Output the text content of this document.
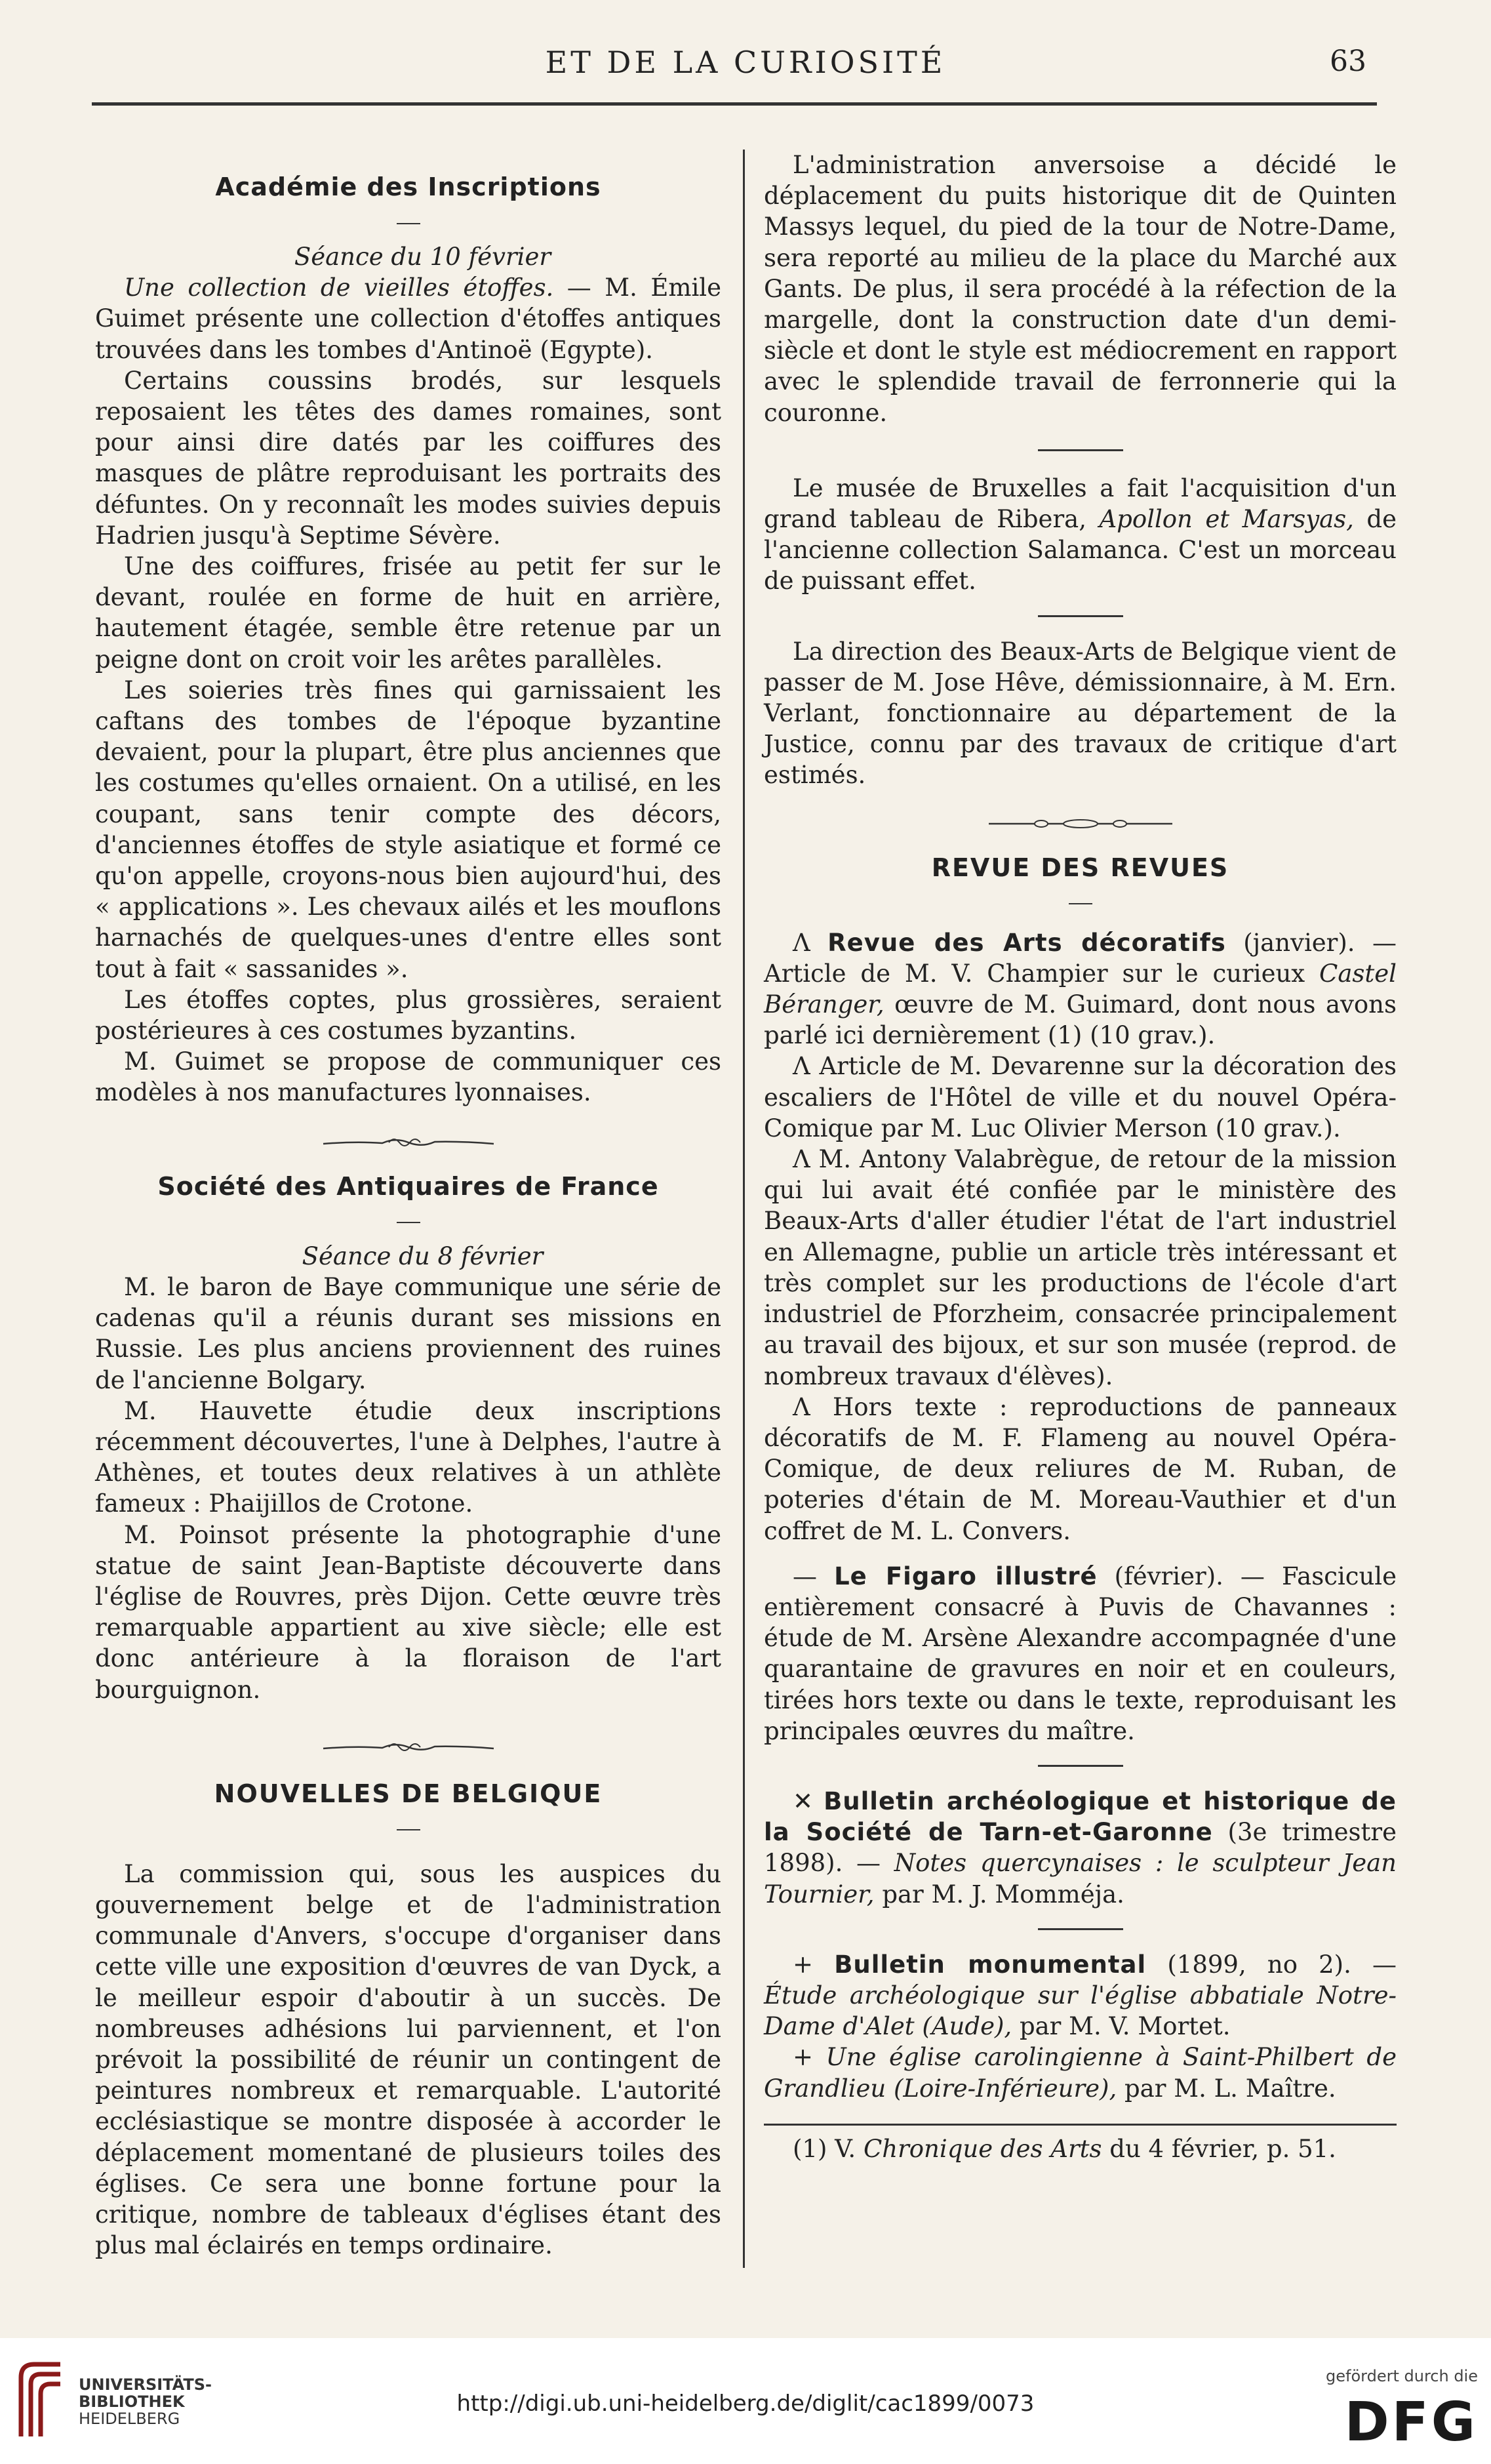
ET DE LA CURIOSITÉ	63
Académie des Inscriptions

Séance du 10 février

Une collection de vieilles étoffes. — M. Émile Guimet présente une collection d'étoffes antiques trouvées dans les tombes d'Antinoë (Egypte).

Certains coussins brodés, sur lesquels reposaient les têtes des dames romaines, sont pour ainsi dire datés par les coiffures des masques de plâtre reproduisant les portraits des défuntes. On y reconnaît les modes suivies depuis Hadrien jusqu'à Septime Sévère.

Une des coiffures, frisée au petit fer sur le devant, roulée en forme de huit en arrière, hautement étagée, semble être retenue par un peigne dont on croit voir les arêtes parallèles.

Les soieries très fines qui garnissaient les caftans des tombes de l'époque byzantine devaient, pour la plupart, être plus anciennes que les costumes qu'elles ornaient. On a utilisé, en les coupant, sans tenir compte des décors, d'anciennes étoffes de style asiatique et formé ce qu'on appelle, croyons-nous bien aujourd'hui, des « applications ». Les chevaux ailés et les mouflons harnachés de quelques-unes d'entre elles sont tout à fait « sassanides ».

Les étoffes coptes, plus grossières, seraient postérieures à ces costumes byzantins.

M. Guimet se propose de communiquer ces modèles à nos manufactures lyonnaises.

Société des Antiquaires de France

Séance du 8 février

M. le baron de Baye communique une série de cadenas qu'il a réunis durant ses missions en Russie. Les plus anciens proviennent des ruines de l'ancienne Bolgary.

M. Hauvette étudie deux inscriptions récemment découvertes, l'une à Delphes, l'autre à Athènes, et toutes deux relatives à un athlète fameux : Phaijillos de Crotone.

M. Poinsot présente la photographie d'une statue de saint Jean-Baptiste découverte dans l'église de Rouvres, près Dijon. Cette œuvre très remarquable appartient au xive siècle; elle est donc antérieure à la floraison de l'art bourguignon.

NOUVELLES DE BELGIQUE

La commission qui, sous les auspices du gouvernement belge et de l'administration communale d'Anvers, s'occupe d'organiser dans cette ville une exposition d'œuvres de van Dyck, a le meilleur espoir d'aboutir à un succès. De nombreuses adhésions lui parviennent, et l'on prévoit la possibilité de réunir un contingent de peintures nombreux et remarquable. L'autorité ecclésiastique se montre disposée à accorder le déplacement momentané de plusieurs toiles des églises. Ce sera une bonne fortune pour la critique, nombre de tableaux d'églises étant des plus mal éclairés en temps ordinaire.

L'administration anversoise a décidé le déplacement du puits historique dit de Quinten Massys lequel, du pied de la tour de Notre-Dame, sera reporté au milieu de la place du Marché aux Gants. De plus, il sera procédé à la réfection de la margelle, dont la construction date d'un demi-siècle et dont le style est médiocrement en rapport avec le splendide travail de ferronnerie qui la couronne.

Le musée de Bruxelles a fait l'acquisition d'un grand tableau de Ribera, Apollon et Marsyas, de l'ancienne collection Salamanca. C'est un morceau de puissant effet.

La direction des Beaux-Arts de Belgique vient de passer de M. Jose Hêve, démissionnaire, à M. Ern. Verlant, fonctionnaire au département de la Justice, connu par des travaux de critique d'art estimés.

REVUE DES REVUES

Λ Revue des Arts décoratifs (janvier). — Article de M. V. Champier sur le curieux Castel Béranger, œuvre de M. Guimard, dont nous avons parlé ici dernièrement (1) (10 grav.).

Λ Article de M. Devarenne sur la décoration des escaliers de l'Hôtel de ville et du nouvel Opéra-Comique par M. Luc Olivier Merson (10 grav.).

Λ M. Antony Valabrègue, de retour de la mission qui lui avait été confiée par le ministère des Beaux-Arts d'aller étudier l'état de l'art industriel en Allemagne, publie un article très intéressant et très complet sur les productions de l'école d'art industriel de Pforzheim, consacrée principalement au travail des bijoux, et sur son musée (reprod. de nombreux travaux d'élèves).

Λ Hors texte : reproductions de panneaux décoratifs de M. F. Flameng au nouvel Opéra-Comique, de deux reliures de M. Ruban, de poteries d'étain de M. Moreau-Vauthier et d'un coffret de M. L. Convers.

— Le Figaro illustré (février). — Fascicule entièrement consacré à Puvis de Chavannes : étude de M. Arsène Alexandre accompagnée d'une quarantaine de gravures en noir et en couleurs, tirées hors texte ou dans le texte, reproduisant les principales œuvres du maître.

✕ Bulletin archéologique et historique de la Société de Tarn-et-Garonne (3e trimestre 1898). — Notes quercynaises : le sculpteur Jean Tournier, par M. J. Momméja.

+ Bulletin monumental (1899, no 2). — Étude archéologique sur l'église abbatiale Notre-Dame d'Alet (Aude), par M. V. Mortet.

+ Une église carolingienne à Saint-Philbert de Grandlieu (Loire-Inférieure), par M. L. Maître.

(1) V. Chronique des Arts du 4 février, p. 51.

UNIVERSITÄTS-
BIBLIOTHEK
HEIDELBERG
http://digi.ub.uni-heidelberg.de/diglit/cac1899/0073
gefördert durch die
DFG
